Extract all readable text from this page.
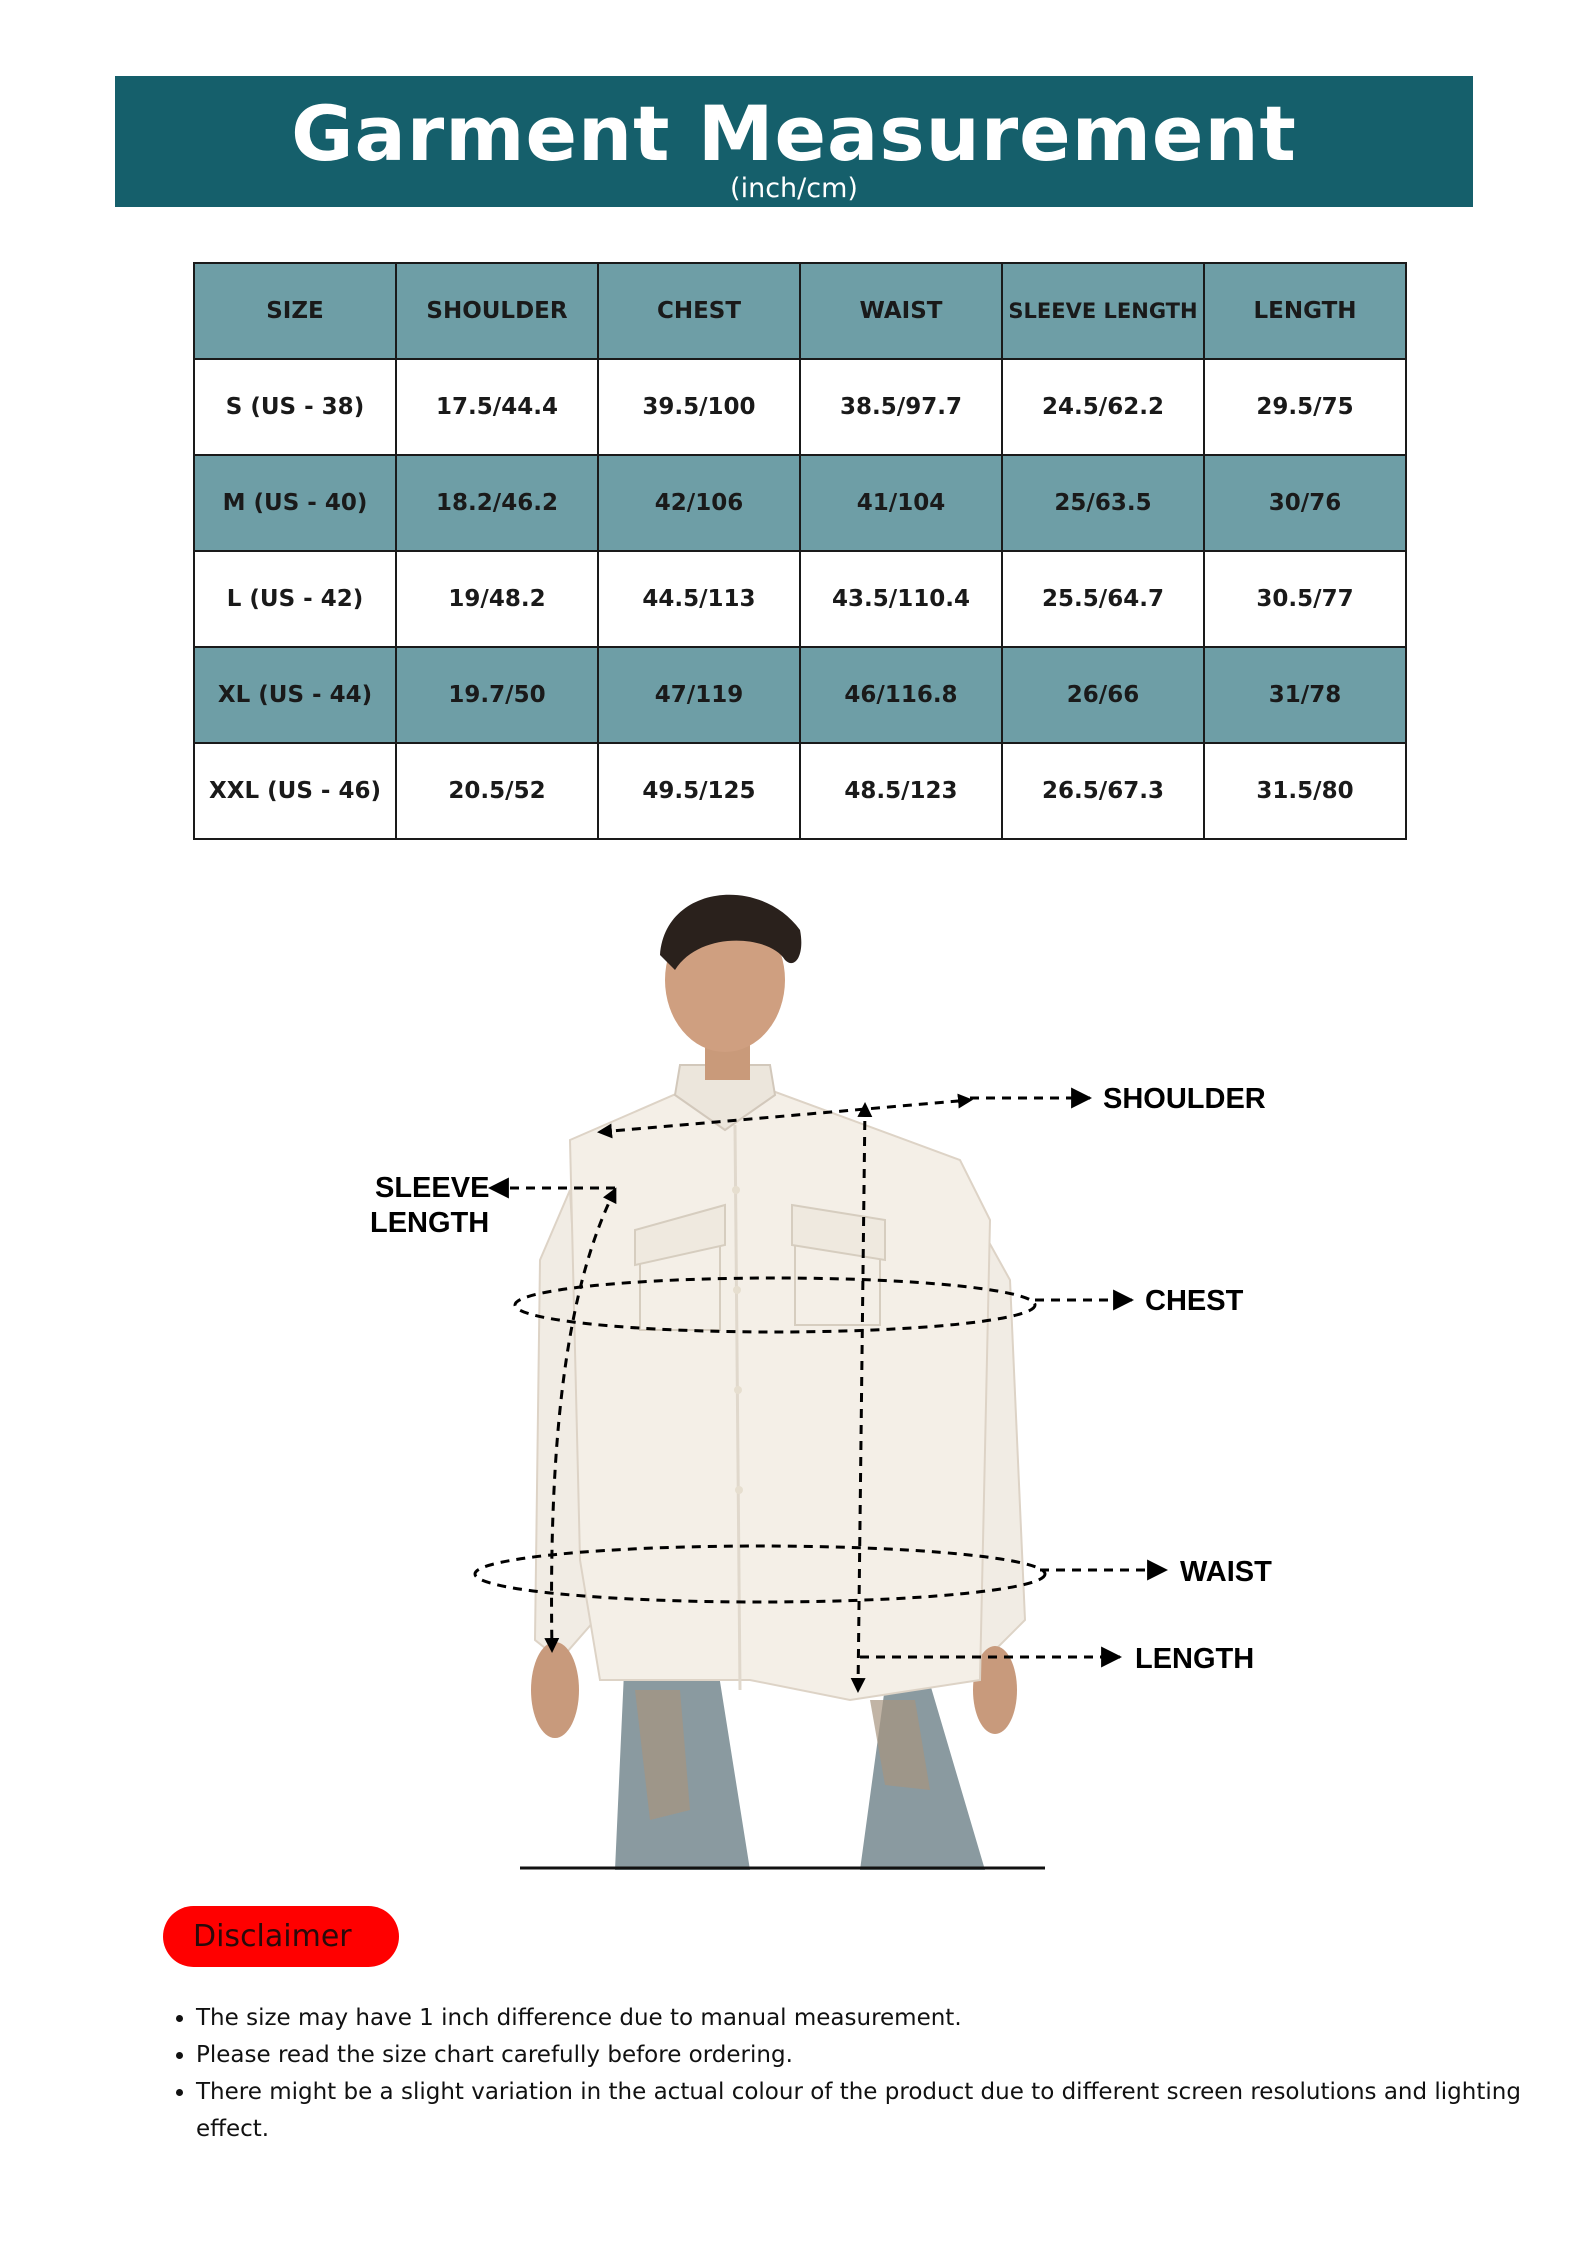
Garment Measurement
(inch/cm)
SIZE	SHOULDER	CHEST	WAIST	SLEEVE LENGTH	LENGTH
S (US - 38)	17.5/44.4	39.5/100	38.5/97.7	24.5/62.2	29.5/75
M (US - 40)	18.2/46.2	42/106	41/104	25/63.5	30/76
L (US - 42)	19/48.2	44.5/113	43.5/110.4	25.5/64.7	30.5/77
XL (US - 44)	19.7/50	47/119	46/116.8	26/66	31/78
XXL (US - 46)	20.5/52	49.5/125	48.5/123	26.5/67.3	31.5/80
SHOULDER
SLEEVE
LENGTH
CHEST
WAIST
LENGTH
Disclaimer
• The size may have 1 inch difference due to manual measurement.
• Please read the size chart carefully before ordering.
• There might be a slight variation in the actual colour of the product due to different screen resolutions and lighting effect.
